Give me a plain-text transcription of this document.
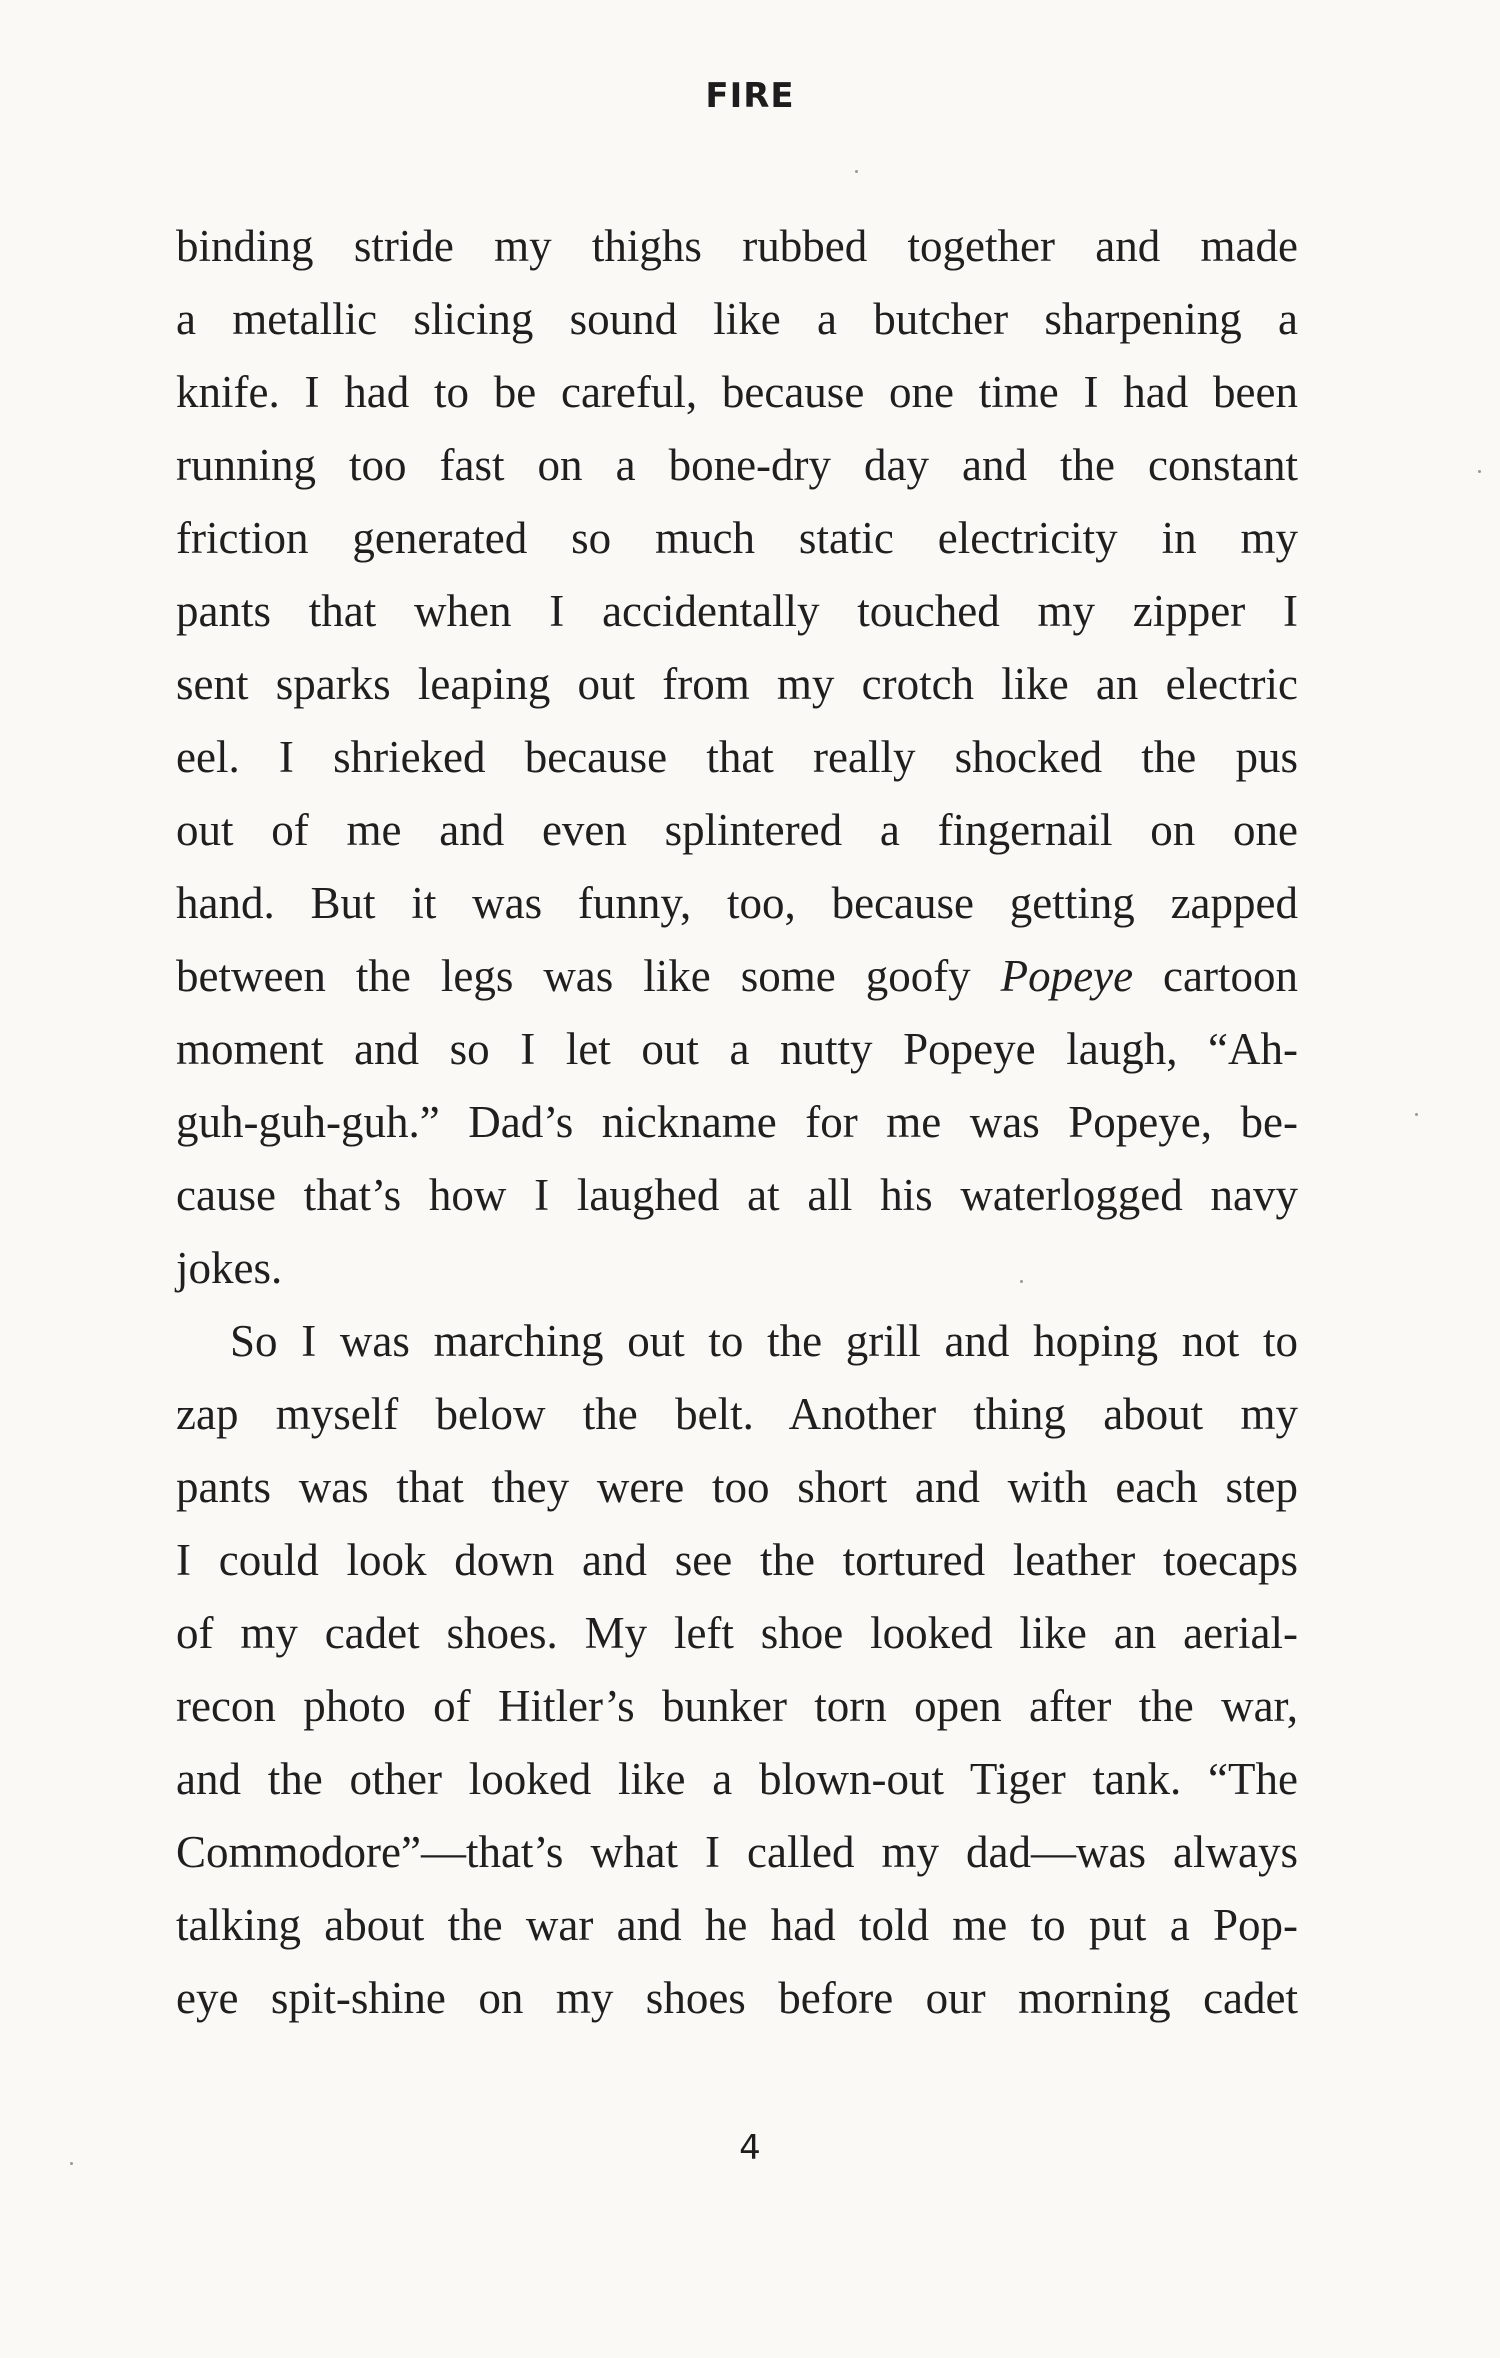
FIRE
binding stride my thighs rubbed together and made
a metallic slicing sound like a butcher sharpening a
knife. I had to be careful, because one time I had been
running too fast on a bone-dry day and the constant
friction generated so much static electricity in my
pants that when I accidentally touched my zipper I
sent sparks leaping out from my crotch like an electric
eel. I shrieked because that really shocked the pus
out of me and even splintered a fingernail on one
hand. But it was funny, too, because getting zapped
between the legs was like some goofy Popeye cartoon
moment and so I let out a nutty Popeye laugh, “Ah-
guh-guh-guh.” Dad’s nickname for me was Popeye, be-
cause that’s how I laughed at all his waterlogged navy
jokes.
So I was marching out to the grill and hoping not to
zap myself below the belt. Another thing about my
pants was that they were too short and with each step
I could look down and see the tortured leather toecaps
of my cadet shoes. My left shoe looked like an aerial-
recon photo of Hitler’s bunker torn open after the war,
and the other looked like a blown-out Tiger tank. “The
Commodore”—that’s what I called my dad—was always
talking about the war and he had told me to put a Pop-
eye spit-shine on my shoes before our morning cadet
4
